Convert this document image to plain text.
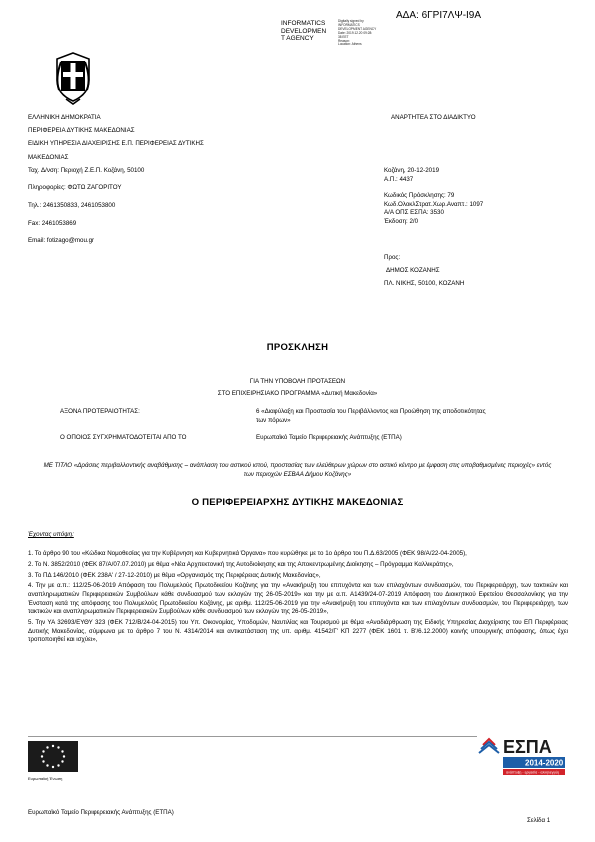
ΑΔΑ: 6ΓΡΙ7ΛΨ-Ι9Α
INFORMATICS
DEVELOPMEN
T AGENCY
Digitally signed by
INFORMATICS
DEVELOPMENT AGENCY
Date: 2019.12.20 09:28:
38 EET
Reason:
Location: Athens
ΕΛΛΗΝΙΚΗ ΔΗΜΟΚΡΑΤΙΑ
ΠΕΡΙΦΕΡΕΙΑ ΔΥΤΙΚΗΣ ΜΑΚΕΔΟΝΙΑΣ
ΕΙΔΙΚΗ ΥΠΗΡΕΣΙΑ ΔΙΑΧΕΙΡΙΣΗΣ Ε.Π. ΠΕΡΙΦΕΡΕΙΑΣ ΔΥΤΙΚΗΣ
ΜΑΚΕΔΟΝΙΑΣ
Ταχ. Δ/νση: Περιοχή Ζ.Ε.Π. Κοζάνη, 50100
Πληροφορίες: ΦΩΤΩ ΖΑΓΟΡΙΤΟΥ
Τηλ.: 2461350833, 2461053800
Fax: 2461053869
Email: fotizago@mou.gr
ΑΝΑΡΤΗΤΕΑ ΣΤΟ ΔΙΑΔΙΚΤΥΟ
Κοζάνη, 20-12-2019
Α.Π.: 4437
Κωδικός Πρόσκλησης: 79
Κωδ.ΟλοκλΣτρατ.Χωρ.Αναπτ.: 1097
Α/Α ΟΠΣ ΕΣΠΑ: 3530
Έκδοση: 2/0
Προς:
ΔΗΜΟΣ ΚΟΖΑΝΗΣ
ΠΛ. ΝΙΚΗΣ, 50100, ΚΟΖΑΝΗ
ΠΡΟΣΚΛΗΣΗ
ΓΙΑ ΤΗΝ ΥΠΟΒΟΛΗ ΠΡΟΤΑΣΕΩΝ
ΣΤΟ ΕΠΙΧΕΙΡΗΣΙΑΚΟ ΠΡΟΓΡΑΜΜΑ «Δυτική Μακεδονία»
ΑΞΟΝΑ ΠΡΟΤΕΡΑΙΟΤΗΤΑΣ:	6 «Διαφύλαξη και Προστασία του Περιβάλλοντος και Προώθηση της αποδοτικότητας των πόρων»
Ο ΟΠΟΙΟΣ ΣΥΓΧΡΗΜΑΤΟΔΟΤΕΙΤΑΙ ΑΠΟ ΤΟ	Ευρωπαϊκό Ταμείο Περιφερειακής Ανάπτυξης (ΕΤΠΑ)
ΜΕ ΤΙΤΛΟ «Δράσεις περιβαλλοντικής αναβάθμισης – ανάπλαση του αστικού ιστού, προστασίας των ελεύθερων χώρων στο αστικό κέντρο με έμφαση στις υποβαθμισμένες περιοχές» εντός των περιοχών ΕΣΒΑΑ Δήμου Κοζάνης»
Ο ΠΕΡΙΦΕΡΕΙΑΡΧΗΣ ΔΥΤΙΚΗΣ ΜΑΚΕΔΟΝΙΑΣ
Έχοντας υπόψη:

1. Το άρθρο 90 του «Κώδικα Νομοθεσίας για την Κυβέρνηση και Κυβερνητικά Όργανα» που κυρώθηκε με το 1ο άρθρο του Π.Δ.63/2005 (ΦΕΚ 98/Α/22-04-2005),

2. Το Ν. 3852/2010 (ΦΕΚ 87/Α/07.07.2010) με θέμα «Νέα Αρχιτεκτονική της Αυτοδιοίκησης και της Αποκεντρωμένης Διοίκησης – Πρόγραμμα Καλλικράτης»,

3. Το ΠΔ 146/2010 (ΦΕΚ 238Α' / 27-12-2010) με θέμα «Οργανισμός της Περιφέρειας Δυτικής Μακεδονίας»,

4. Την με α.π.: 112/25-06-2019 Απόφαση του Πολυμελούς Πρωτοδικείου Κοζάνης για την «Ανακήρυξη του επιτυχόντα και των επιλαχόντων συνδυασμών, του Περιφερειάρχη, των τακτικών και αναπληρωματικών Περιφερειακών Συμβούλων κάθε συνδυασμού των εκλογών της 26-05-2019» και την με α.π. Α1439/24-07-2019 Απόφαση του Διοικητικού Εφετείου Θεσσαλονίκης για την Ένσταση κατά της απόφασης του Πολυμελούς Πρωτοδικείου Κοζάνης, με αριθμ. 112/25-06-2019 για την «Ανακήρυξη του επιτυχόντα και των επιλαχόντων συνδυασμών, του Περιφερειάρχη, των τακτικών και αναπληρωματικών Περιφερειακών Συμβούλων κάθε συνδυασμού των εκλογών της 26-05-2019»,

5. Την ΥΑ 32693/ΕΥΘΥ 323 (ΦΕΚ 712/Β/24-04-2015) του Υπ. Οικονομίας, Υποδομών, Ναυτιλίας και Τουρισμού με θέμα «Αναδιάρθρωση της Ειδικής Υπηρεσίας Διαχείρισης του ΕΠ Περιφέρειας Δυτικής Μακεδονίας, σύμφωνα με το άρθρο 7 του Ν. 4314/2014 και αντικατάσταση της υπ. αριθμ. 41542/Γ' ΚΠ 2277 (ΦΕΚ 1601 τ. Β'/6.12.2000) κοινής υπουργικής απόφασης, όπως έχει τροποποιηθεί και ισχύει»,

Ευρωπαϊκή Ένωση
ΕΣΠΑ
2014-2020
ανάπτυξη - εργασία - αλληλεγγύη
Ευρωπαϊκό Ταμείο Περιφερειακής Ανάπτυξης (ΕΤΠΑ)
Σελίδα 1
